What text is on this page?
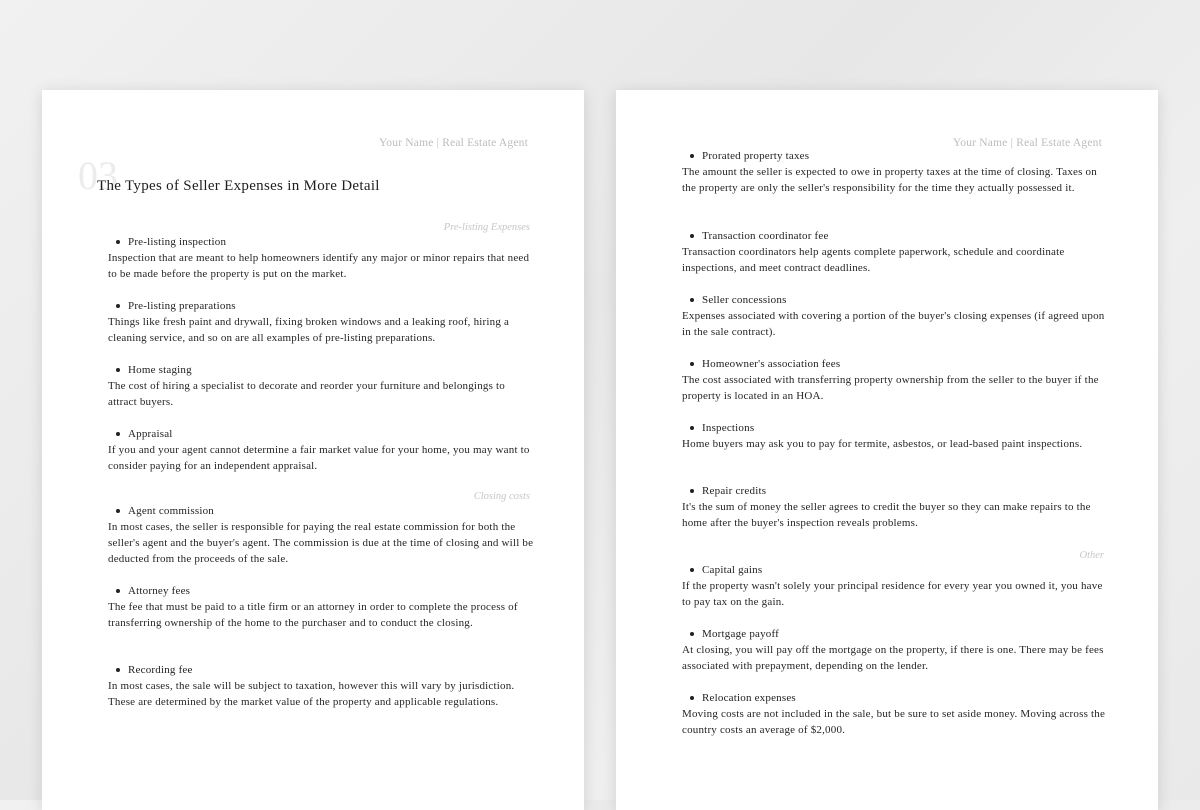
Your Name | Real Estate Agent
03
The Types of Seller Expenses in More Detail
Pre-listing Expenses
Pre-listing inspection
Inspection that are meant to help homeowners identify any major or minor repairs that need to be made before the property is put on the market.
Pre-listing preparations
Things like fresh paint and drywall, fixing broken windows and a leaking roof, hiring a cleaning service, and so on are all examples of pre-listing preparations.
Home staging
The cost of hiring a specialist to decorate and reorder your furniture and belongings to attract buyers.
Appraisal
If you and your agent cannot determine a fair market value for your home, you may want to consider paying for an independent appraisal.
Closing costs
Agent commission
In most cases, the seller is responsible for paying the real estate commission for both the seller's agent and the buyer's agent. The commission is due at the time of closing and will be deducted from the proceeds of the sale.
Attorney fees
The fee that must be paid to a title firm or an attorney in order to complete the process of transferring ownership of the home to the purchaser and to conduct the closing.
Recording fee
In most cases, the sale will be subject to taxation, however this will vary by jurisdiction. These are determined by the market value of the property and applicable regulations.
Your Name | Real Estate Agent
Prorated property taxes
The amount the seller is expected to owe in property taxes at the time of closing. Taxes on the property are only the seller's responsibility for the time they actually possessed it.
Transaction coordinator fee
Transaction coordinators help agents complete paperwork, schedule and coordinate inspections, and meet contract deadlines.
Seller concessions
Expenses associated with covering a portion of the buyer's closing expenses (if agreed upon in the sale contract).
Homeowner's association fees
The cost associated with transferring property ownership from the seller to the buyer if the property is located in an HOA.
Inspections
Home buyers may ask you to pay for termite, asbestos, or lead-based paint inspections.
Repair credits
It's the sum of money the seller agrees to credit the buyer so they can make repairs to the home after the buyer's inspection reveals problems.
Other
Capital gains
If the property wasn't solely your principal residence for every year you owned it, you have to pay tax on the gain.
Mortgage payoff
At closing, you will pay off the mortgage on the property, if there is one. There may be fees associated with prepayment, depending on the lender.
Relocation expenses
Moving costs are not included in the sale, but be sure to set aside money. Moving across the country costs an average of $2,000.
